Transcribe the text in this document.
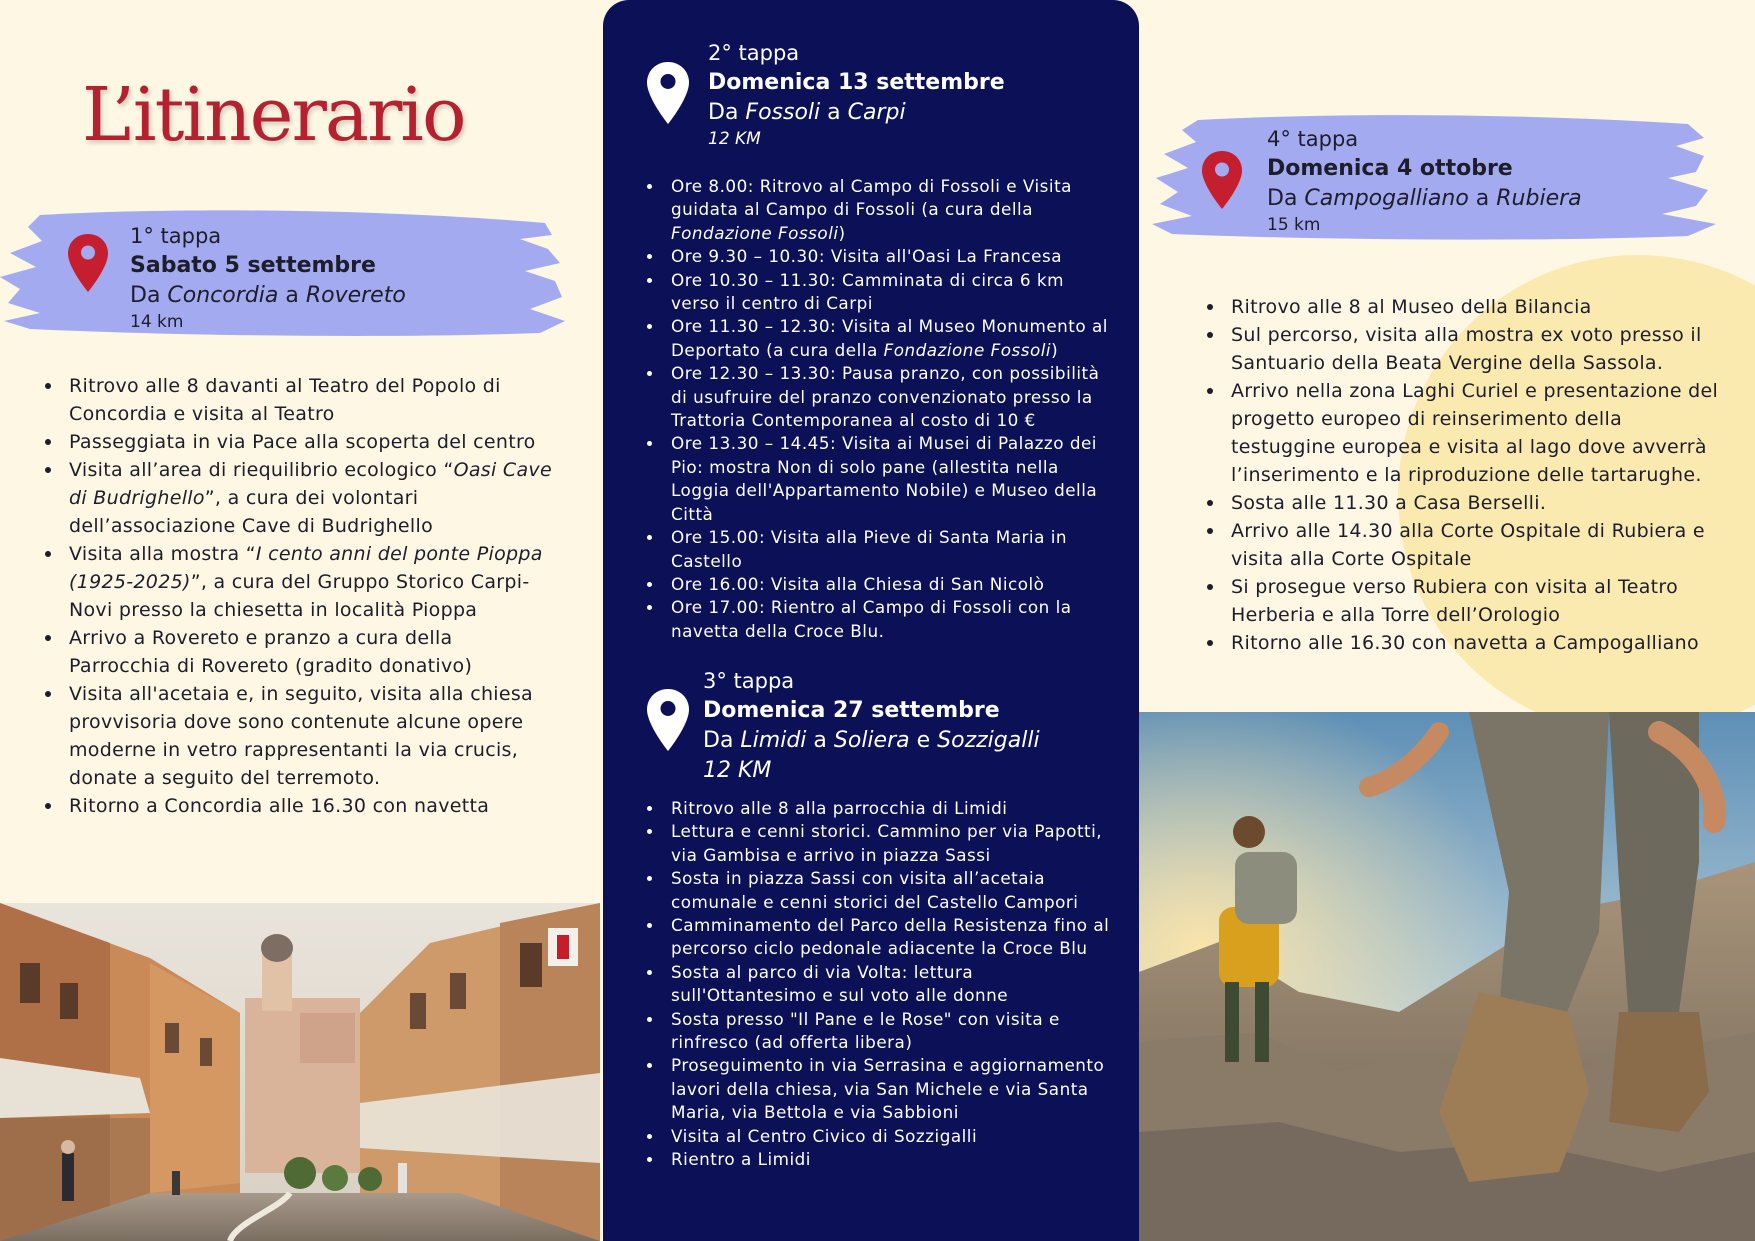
L’itinerario
1° tappa
Sabato 5 settembre
Da Concordia a Rovereto
14 km
Ritrovo alle 8 davanti al Teatro del Popolo di Concordia e visita al Teatro
Passeggiata in via Pace alla scoperta del centro
Visita all’area di riequilibrio ecologico “Oasi Cave di Budrighello”, a cura dei volontari dell’associazione Cave di Budrighello
Visita alla mostra “I cento anni del ponte Pioppa (1925-2025)”, a cura del Gruppo Storico Carpi-Novi presso la chiesetta in località Pioppa
Arrivo a Rovereto e pranzo a cura della Parrocchia di Rovereto (gradito donativo)
Visita all'acetaia e, in seguito, visita alla chiesa provvisoria dove sono contenute alcune opere moderne in vetro rappresentanti la via crucis, donate a seguito del terremoto.
Ritorno a Concordia alle 16.30 con navetta
2° tappa
Domenica 13 settembre
Da Fossoli a Carpi
12 KM
Ore 8.00: Ritrovo al Campo di Fossoli e Visita guidata al Campo di Fossoli (a cura della Fondazione Fossoli)
Ore 9.30 – 10.30: Visita all'Oasi La Francesa
Ore 10.30 – 11.30: Camminata di circa 6 km verso il centro di Carpi
Ore 11.30 – 12.30: Visita al Museo Monumento al Deportato (a cura della Fondazione Fossoli)
Ore 12.30 – 13.30: Pausa pranzo, con possibilità di usufruire del pranzo convenzionato presso la Trattoria Contemporanea al costo di 10 €
Ore 13.30 – 14.45: Visita ai Musei di Palazzo dei Pio: mostra Non di solo pane (allestita nella Loggia dell'Appartamento Nobile) e Museo della Città
Ore 15.00: Visita alla Pieve di Santa Maria in Castello
Ore 16.00: Visita alla Chiesa di San Nicolò
Ore 17.00: Rientro al Campo di Fossoli con la navetta della Croce Blu.
3° tappa
Domenica 27 settembre
Da Limidi a Soliera e Sozzigalli
12 KM
Ritrovo alle 8 alla parrocchia di Limidi
Lettura e cenni storici. Cammino per via Papotti, via Gambisa e arrivo in piazza Sassi
Sosta in piazza Sassi con visita all’acetaia comunale e cenni storici del Castello Campori
Camminamento del Parco della Resistenza fino al percorso ciclo pedonale adiacente la Croce Blu
Sosta al parco di via Volta: lettura sull'Ottantesimo e sul voto alle donne
Sosta presso "Il Pane e le Rose" con visita e rinfresco (ad offerta libera)
Proseguimento in via Serrasina e aggiornamento lavori della chiesa, via San Michele e via Santa Maria, via Bettola e via Sabbioni
Visita al Centro Civico di Sozzigalli
Rientro a Limidi
4° tappa
Domenica 4 ottobre
Da Campogalliano a Rubiera
15 km
Ritrovo alle 8 al Museo della Bilancia
Sul percorso, visita alla mostra ex voto presso il Santuario della Beata Vergine della Sassola.
Arrivo nella zona Laghi Curiel e presentazione del progetto europeo di reinserimento della testuggine europea e visita al lago dove avverrà l’inserimento e la riproduzione delle tartarughe.
Sosta alle 11.30 a Casa Berselli.
Arrivo alle 14.30 alla Corte Ospitale di Rubiera e visita alla Corte Ospitale
Si prosegue verso Rubiera con visita al Teatro Herberia e alla Torre dell’Orologio
Ritorno alle 16.30 con navetta a Campogalliano
